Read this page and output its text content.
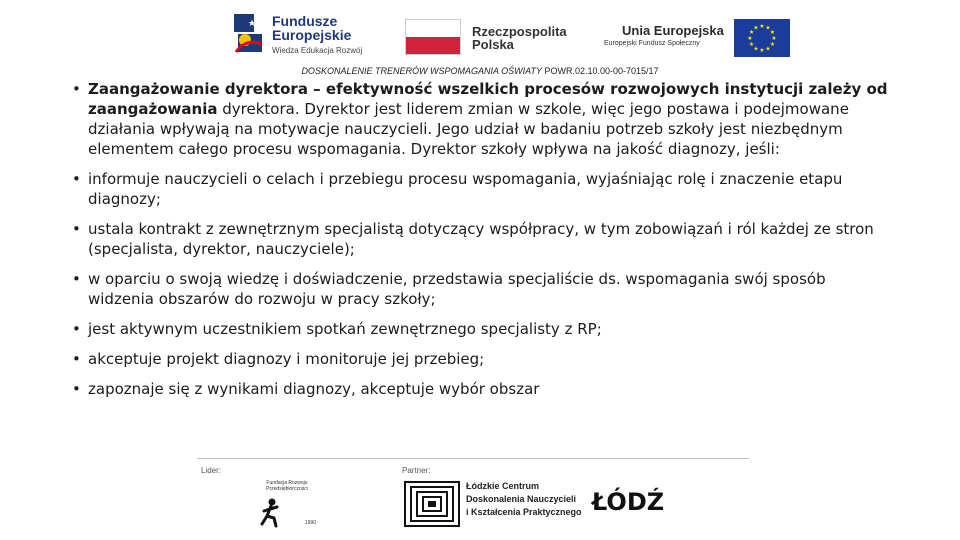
★ Fundusze
Europejskie
Wiedza Edukacja Rozwój
Rzeczpospolita
Polska
Unia Europejska
Europejski Fundusz Społeczny
★ ★
★
★
★
★
★
★
★
★
★
★
DOSKONALENIE TRENERÓW WSPOMAGANIA OŚWIATY POWR.02.10.00-00-7015/17
• Zaangażowanie dyrektora – efektywność wszelkich procesów rozwojowych instytucji zależy od zaangażowania dyrektora. Dyrektor jest liderem zmian w szkole, więc jego postawa i podejmowane działania wpływają na motywacje nauczycieli. Jego udział w badaniu potrzeb szkoły jest niezbędnym elementem całego procesu wspomagania. Dyrektor szkoły wpływa na jakość diagnozy, jeśli:
• informuje nauczycieli o celach i przebiegu procesu wspomagania, wyjaśniając rolę i znaczenie etapu diagnozy;
• ustala kontrakt z zewnętrznym specjalistą dotyczący współpracy, w tym zobowiązań i ról każdej ze stron (specjalista, dyrektor, nauczyciele);
• w oparciu o swoją wiedzę i doświadczenie, przedstawia specjaliście ds. wspomagania swój sposób widzenia obszarów do rozwoju w pracy szkoły;
• jest aktywnym uczestnikiem spotkań zewnętrznego specjalisty z RP;
• akceptuje projekt diagnozy i monitoruje jej przebieg;
• zapoznaje się z wynikami diagnozy, akceptuje wybór obszar
Lider:	Partner:
Fundacja Rozwoju
Przedsiębiorczości
1990
Łódzkie Centrum
Doskonalenia Nauczycieli
i Kształcenia Praktycznego ŁÓDŹ
